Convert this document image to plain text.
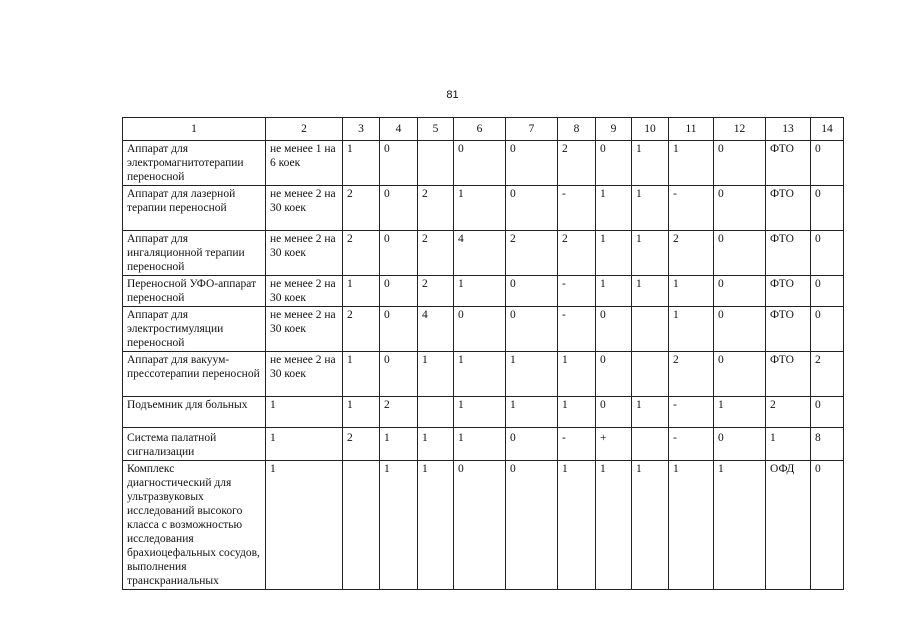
81
1	2	3	4	5	6	7	8	9	10	11	12	13	14
Аппарат для электромагнитотерапии переносной	не менее 1 на 6 коек	1	0		0	0	2	0	1	1	0	ФТО	0
Аппарат для лазерной терапии переносной	не менее 2 на 30 коек	2	0	2	1	0	-	1	1	-	0	ФТО	0
Аппарат для ингаляционной терапии переносной	не менее 2 на 30 коек	2	0	2	4	2	2	1	1	2	0	ФТО	0
Переносной УФО-аппарат переносной	не менее 2 на 30 коек	1	0	2	1	0	-	1	1	1	0	ФТО	0
Аппарат для электростимуляции переносной	не менее 2 на 30 коек	2	0	4	0	0	-	0		1	0	ФТО	0
Аппарат для вакуум-прессотерапии переносной	не менее 2 на 30 коек	1	0	1	1	1	1	0		2	0	ФТО	2
Подъемник для больных	1	1	2		1	1	1	0	1	-	1	2	0
Система палатной сигнализации	1	2	1	1	1	0	-	+		-	0	1	8
Комплекс диагностический для ультразвуковых исследований высокого класса с возможностью исследования брахиоцефальных сосудов, выполнения транскраниальных	1		1	1	0	0	1	1	1	1	1	ОФД	0
